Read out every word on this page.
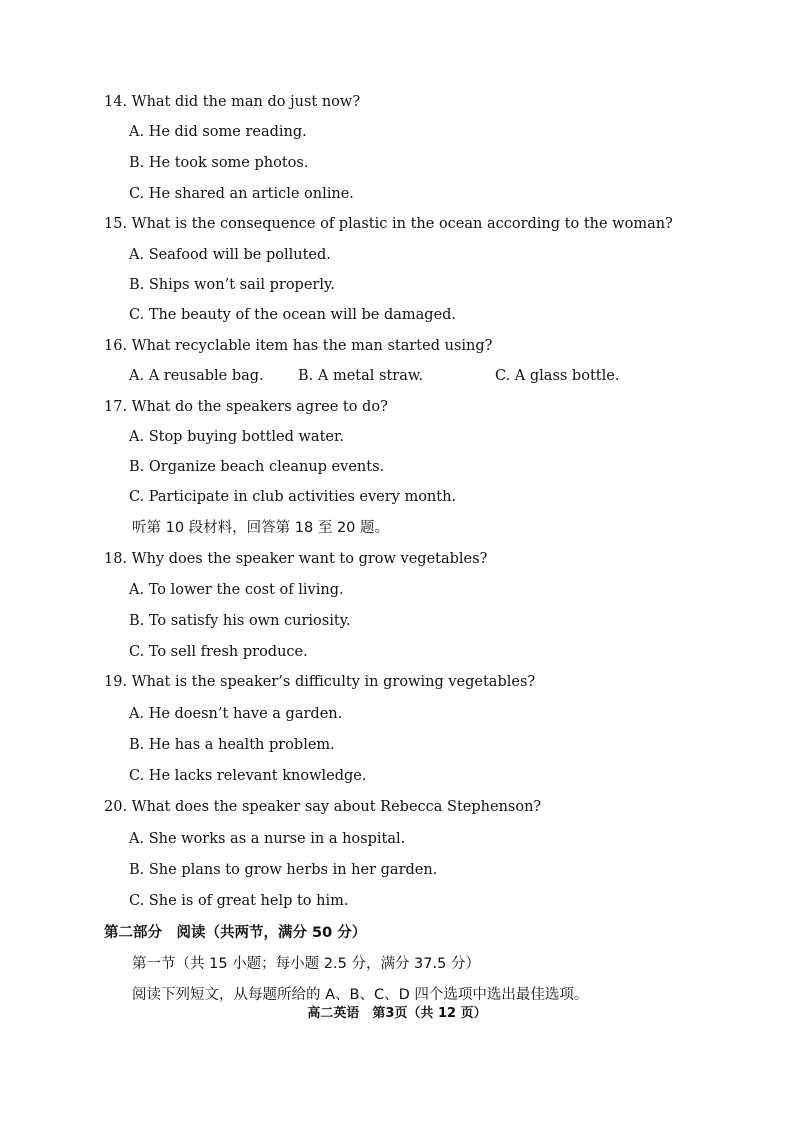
14. What did the man do just now?
A. He did some reading.
B. He took some photos.
C. He shared an article online.
15. What is the consequence of plastic in the ocean according to the woman?
A. Seafood will be polluted.
B. Ships won’t sail properly.
C. The beauty of the ocean will be damaged.
16. What recyclable item has the man started using?
A. A reusable bag. B. A metal straw.	C. A glass bottle.
17. What do the speakers agree to do?
A. Stop buying bottled water.
B. Organize beach cleanup events.
C. Participate in club activities every month.
听第 10 段材料，回答第 18 至 20 题。
18. Why does the speaker want to grow vegetables?
A. To lower the cost of living.
B. To satisfy his own curiosity.
C. To sell fresh produce.
19. What is the speaker’s difficulty in growing vegetables?
A. He doesn’t have a garden.
B. He has a health problem.
C. He lacks relevant knowledge.
20. What does the speaker say about Rebecca Stephenson?
A. She works as a nurse in a hospital.
B. She plans to grow herbs in her garden.
C. She is of great help to him.
第二部分　阅读（共两节，满分 50 分）
第一节（共 15 小题；每小题 2.5 分，满分 37.5 分）
阅读下列短文，从每题所给的 A、B、C、D 四个选项中选出最佳选项。
高二英语　第3页（共 12 页）
